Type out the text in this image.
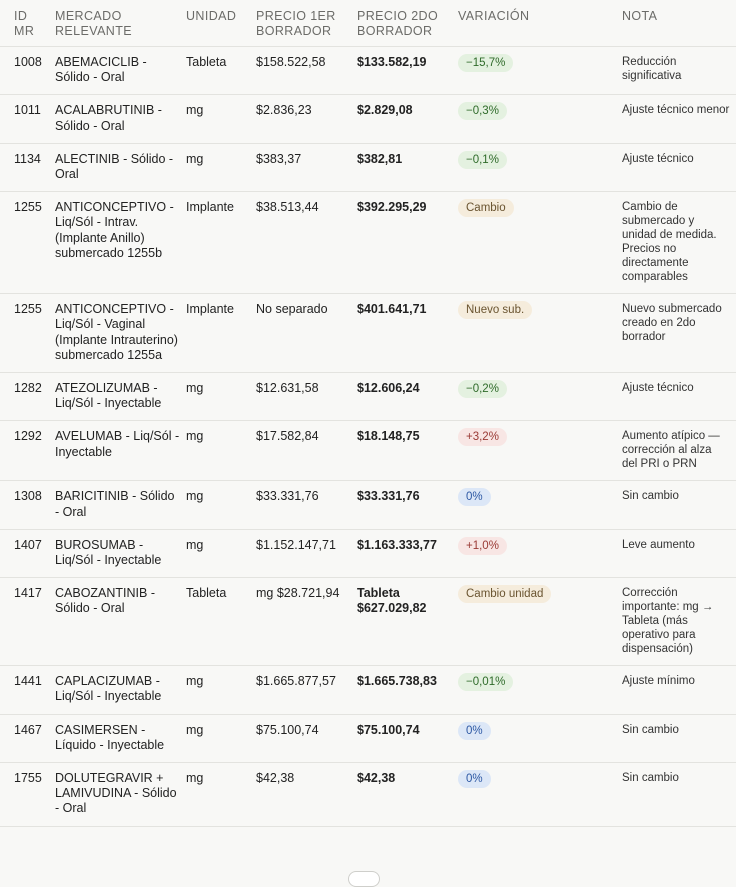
ID MR	MERCADO RELEVANTE	UNIDAD	PRECIO 1ER BORRADOR	PRECIO 2DO BORRADOR	VARIACIÓN	NOTA
1008	ABEMACICLIB - Sólido - Oral	Tableta	$158.522,58	$133.582,19	−15,7%	Reducción significativa
1011	ACALABRUTINIB - Sólido - Oral	mg	$2.836,23	$2.829,08	−0,3%	Ajuste técnico menor
1134	ALECTINIB - Sólido - Oral	mg	$383,37	$382,81	−0,1%	Ajuste técnico
1255	ANTICONCEPTIVO - Liq/Sól - Intrav. (Implante Anillo) submercado 1255b	Implante	$38.513,44	$392.295,29	Cambio	Cambio de submercado y unidad de medida. Precios no directamente comparables
1255	ANTICONCEPTIVO - Liq/Sól - Vaginal (Implante Intrauterino) submercado 1255a	Implante	No separado	$401.641,71	Nuevo sub.	Nuevo submercado creado en 2do borrador
1282	ATEZOLIZUMAB - Liq/Sól - Inyectable	mg	$12.631,58	$12.606,24	−0,2%	Ajuste técnico
1292	AVELUMAB - Liq/Sól - Inyectable	mg	$17.582,84	$18.148,75	+3,2%	Aumento atípico — corrección al alza del PRI o PRN
1308	BARICITINIB - Sólido - Oral	mg	$33.331,76	$33.331,76	0%	Sin cambio
1407	BUROSUMAB - Liq/Sól - Inyectable	mg	$1.152.147,71	$1.163.333,77	+1,0%	Leve aumento
1417	CABOZANTINIB - Sólido - Oral	Tableta	mg $28.721,94	Tableta $627.029,82	Cambio unidad	Corrección importante: mg → Tableta (más operativo para dispensación)
1441	CAPLACIZUMAB - Liq/Sól - Inyectable	mg	$1.665.877,57	$1.665.738,83	−0,01%	Ajuste mínimo
1467	CASIMERSEN - Líquido - Inyectable	mg	$75.100,74	$75.100,74	0%	Sin cambio
1755	DOLUTEGRAVIR + LAMIVUDINA - Sólido - Oral	mg	$42,38	$42,38	0%	Sin cambio
